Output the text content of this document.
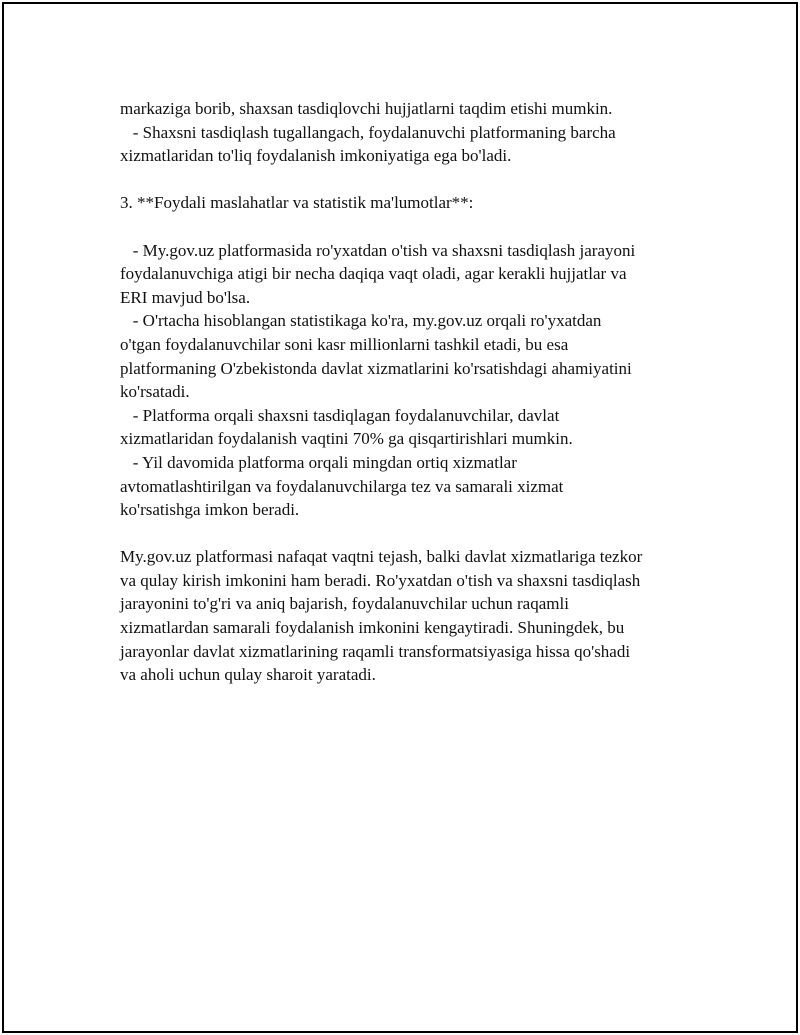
markaziga borib, shaxsan tasdiqlovchi hujjatlarni taqdim etishi mumkin.
- Shaxsni tasdiqlash tugallangach, foydalanuvchi platformaning barcha
xizmatlaridan to'liq foydalanish imkoniyatiga ega bo'ladi.
3. **Foydali maslahatlar va statistik ma'lumotlar**:
- My.gov.uz platformasida ro'yxatdan o'tish va shaxsni tasdiqlash jarayoni
foydalanuvchiga atigi bir necha daqiqa vaqt oladi, agar kerakli hujjatlar va
ERI mavjud bo'lsa.
- O'rtacha hisoblangan statistikaga ko'ra, my.gov.uz orqali ro'yxatdan
o'tgan foydalanuvchilar soni kasr millionlarni tashkil etadi, bu esa
platformaning O'zbekistonda davlat xizmatlarini ko'rsatishdagi ahamiyatini
ko'rsatadi.
- Platforma orqali shaxsni tasdiqlagan foydalanuvchilar, davlat
xizmatlaridan foydalanish vaqtini 70% ga qisqartirishlari mumkin.
- Yil davomida platforma orqali mingdan ortiq xizmatlar
avtomatlashtirilgan va foydalanuvchilarga tez va samarali xizmat
ko'rsatishga imkon beradi.
My.gov.uz platformasi nafaqat vaqtni tejash, balki davlat xizmatlariga tezkor
va qulay kirish imkonini ham beradi. Ro'yxatdan o'tish va shaxsni tasdiqlash
jarayonini to'g'ri va aniq bajarish, foydalanuvchilar uchun raqamli
xizmatlardan samarali foydalanish imkonini kengaytiradi. Shuningdek, bu
jarayonlar davlat xizmatlarining raqamli transformatsiyasiga hissa qo'shadi
va aholi uchun qulay sharoit yaratadi.
